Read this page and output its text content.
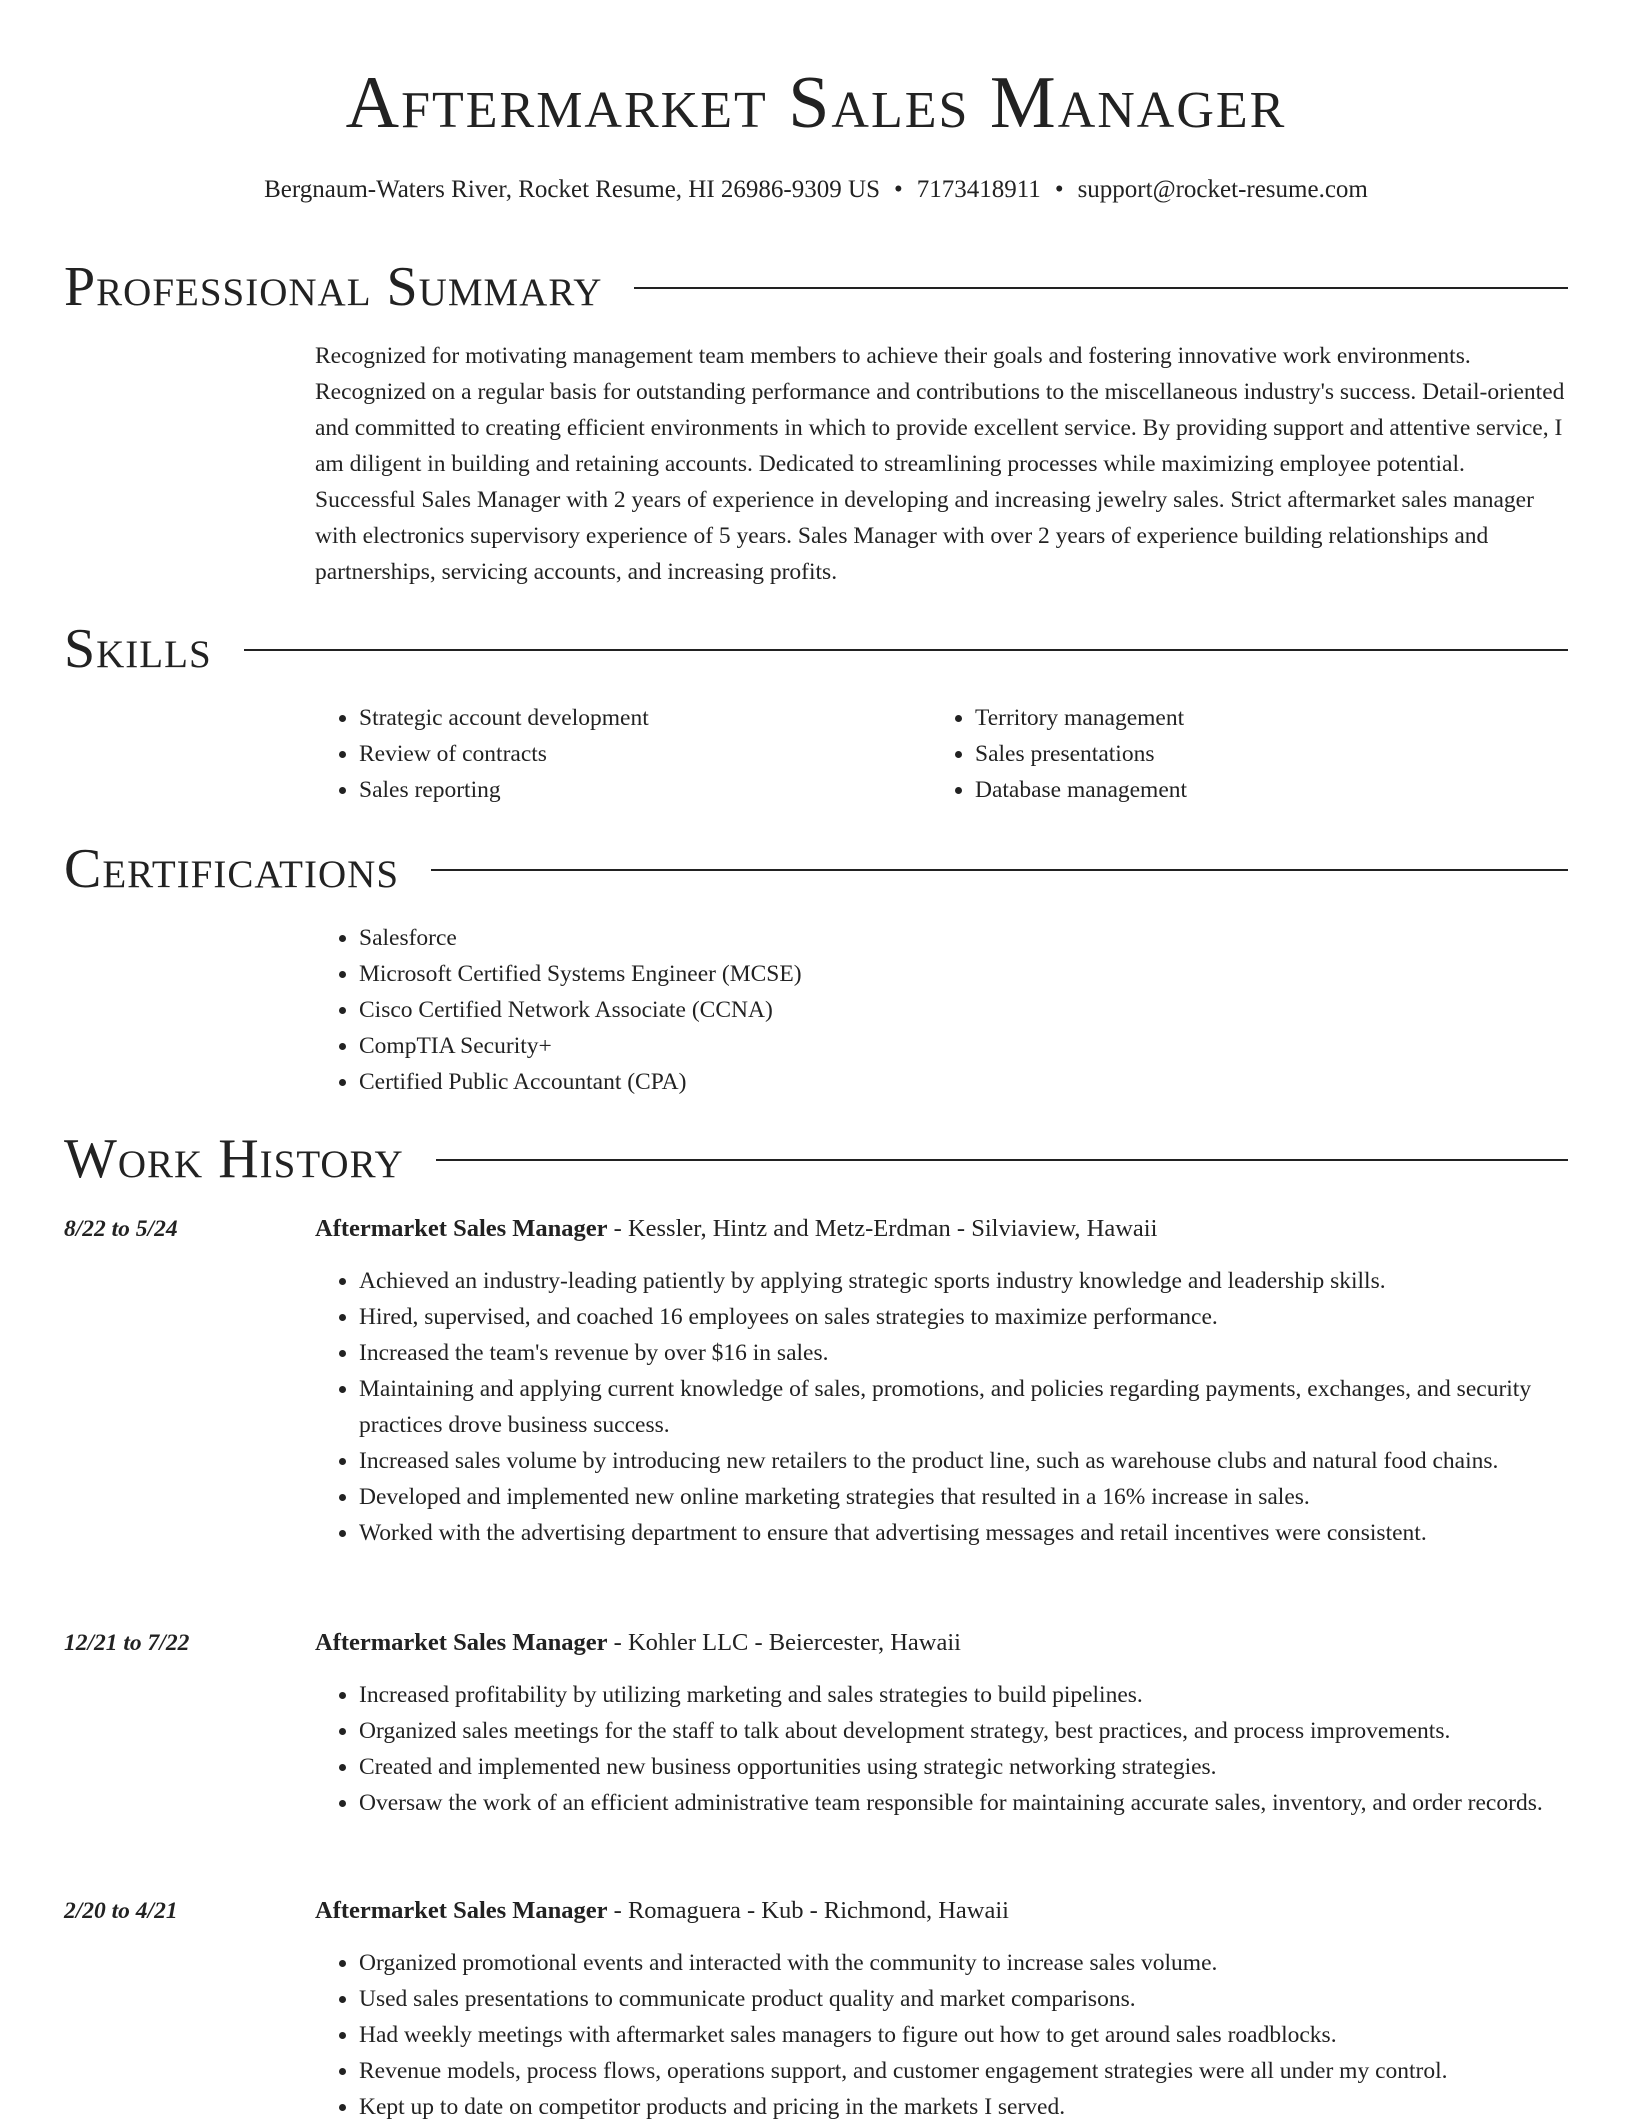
Aftermarket Sales Manager
Bergnaum-Waters River, Rocket Resume, HI 26986-9309 US • 7173418911 • support@rocket-resume.com
Professional Summary

Recognized for motivating management team members to achieve their goals and fostering innovative work environments. Recognized on a regular basis for outstanding performance and contributions to the miscellaneous industry's success. Detail-oriented and committed to creating efficient environments in which to provide excellent service. By providing support and attentive service, I am diligent in building and retaining accounts. Dedicated to streamlining processes while maximizing employee potential. Successful Sales Manager with 2 years of experience in developing and increasing jewelry sales. Strict aftermarket sales manager with electronics supervisory experience of 5 years. Sales Manager with over 2 years of experience building relationships and partnerships, servicing accounts, and increasing profits.

Skills
• Strategic account development
• Review of contracts
• Sales reporting
• Territory management
• Sales presentations
• Database management
Certifications
• Salesforce
• Microsoft Certified Systems Engineer (MCSE)
• Cisco Certified Network Associate (CCNA)
• CompTIA Security+
• Certified Public Accountant (CPA)
Work History
8/22 to 5/24	Aftermarket Sales Manager - Kessler, Hintz and Metz-Erdman - Silviaview, Hawaii
• Achieved an industry-leading patiently by applying strategic sports industry knowledge and leadership skills.
• Hired, supervised, and coached 16 employees on sales strategies to maximize performance.
• Increased the team's revenue by over $16 in sales.
• Maintaining and applying current knowledge of sales, promotions, and policies regarding payments, exchanges, and security practices drove business success.
• Increased sales volume by introducing new retailers to the product line, such as warehouse clubs and natural food chains.
• Developed and implemented new online marketing strategies that resulted in a 16% increase in sales.
• Worked with the advertising department to ensure that advertising messages and retail incentives were consistent.
12/21 to 7/22	Aftermarket Sales Manager - Kohler LLC - Beiercester, Hawaii
• Increased profitability by utilizing marketing and sales strategies to build pipelines.
• Organized sales meetings for the staff to talk about development strategy, best practices, and process improvements.
• Created and implemented new business opportunities using strategic networking strategies.
• Oversaw the work of an efficient administrative team responsible for maintaining accurate sales, inventory, and order records.
2/20 to 4/21	Aftermarket Sales Manager - Romaguera - Kub - Richmond, Hawaii
• Organized promotional events and interacted with the community to increase sales volume.
• Used sales presentations to communicate product quality and market comparisons.
• Had weekly meetings with aftermarket sales managers to figure out how to get around sales roadblocks.
• Revenue models, process flows, operations support, and customer engagement strategies were all under my control.
• Kept up to date on competitor products and pricing in the markets I served.
